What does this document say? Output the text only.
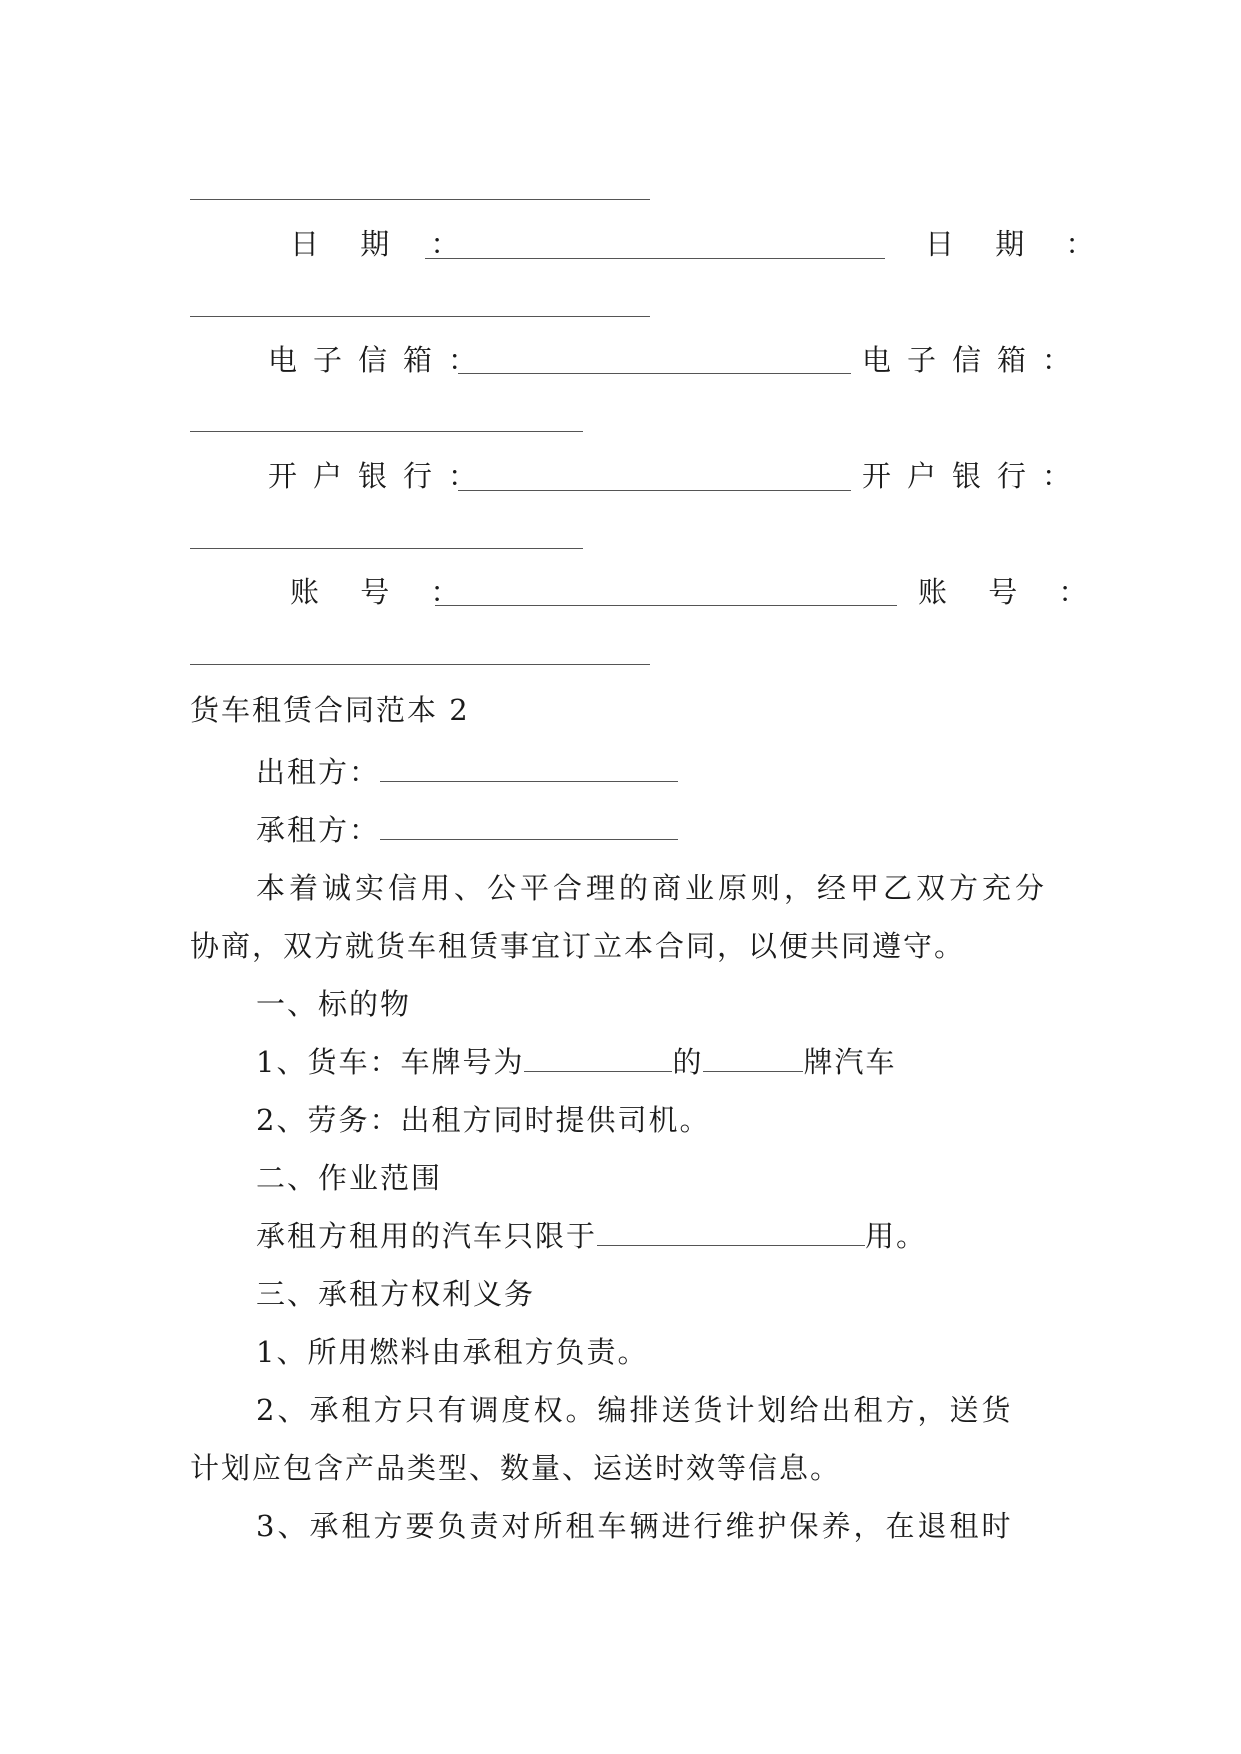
日 期 ：	日 期 ：
电子信箱：	电子信箱：
开户银行：	开户银行：
账 号 ：	账 号 ：
货车租赁合同范本 2
出租方：
承租方：
本着诚实信用、公平合理的商业原则，经甲乙双方充分
协商，双方就货车租赁事宜订立本合同，以便共同遵守。
一、标的物
1、货车：车牌号为	的	牌汽车
2、劳务：出租方同时提供司机。
二、作业范围
承租方租用的汽车只限于	用。
三、承租方权利义务
1、所用燃料由承租方负责。
2、承租方只有调度权。编排送货计划给出租方，送货
计划应包含产品类型、数量、运送时效等信息。
3、承租方要负责对所租车辆进行维护保养，在退租时
